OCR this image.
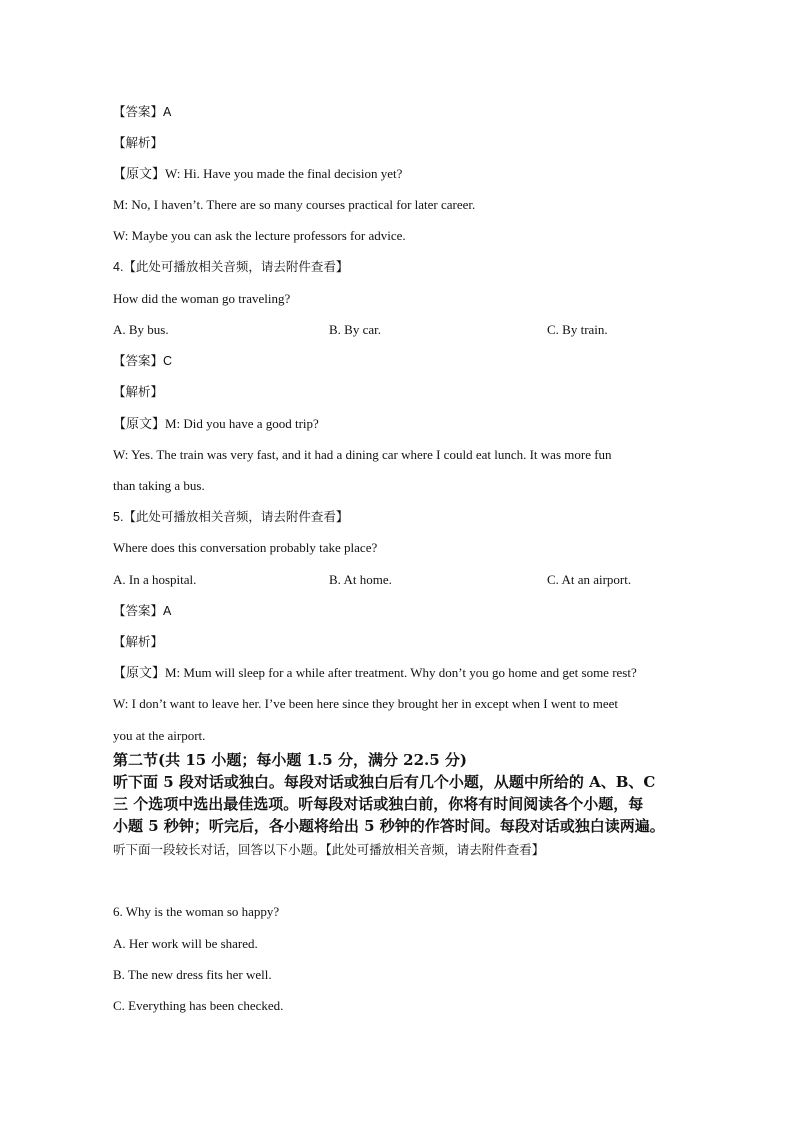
【答案】A
【解析】
【原文】W: Hi. Have you made the final decision yet?
M: No, I haven’t. There are so many courses practical for later career.
W: Maybe you can ask the lecture professors for advice.
4.【此处可播放相关音频，请去附件查看】
How did the woman go traveling?
A. By bus.	B. By car.	C. By train.
【答案】C
【解析】
【原文】M: Did you have a good trip?
W: Yes. The train was very fast, and it had a dining car where I could eat lunch. It was more fun
than taking a bus.
5.【此处可播放相关音频，请去附件查看】
Where does this conversation probably take place?
A. In a hospital.	B. At home.	C. At an airport.
【答案】A
【解析】
【原文】M: Mum will sleep for a while after treatment. Why don’t you go home and get some rest?
W: I don’t want to leave her. I’ve been here since they brought her in except when I went to meet
you at the airport.
第二节(共 15 小题；每小题 1.5 分，满分 22.5 分)
听下面 5 段对话或独白。每段对话或独白后有几个小题，从题中所给的 A、B、C
三 个选项中选出最佳选项。听每段对话或独白前，你将有时间阅读各个小题，每
小题 5 秒钟；听完后，各小题将给出 5 秒钟的作答时间。每段对话或独白读两遍。
听下面一段较长对话，回答以下小题。【此处可播放相关音频，请去附件查看】
6. Why is the woman so happy?
A. Her work will be shared.
B. The new dress fits her well.
C. Everything has been checked.
